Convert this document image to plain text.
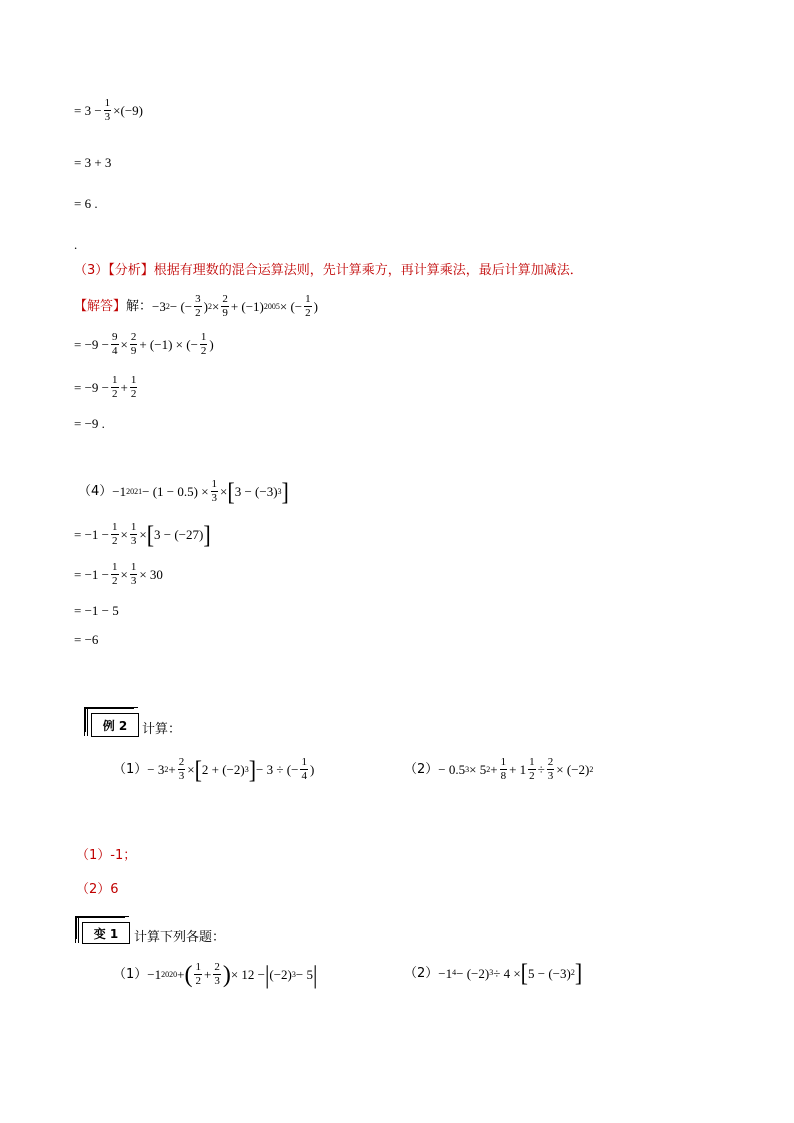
= $3 - \frac{1}{3} \times(-9)$
= 3 + 3
= 6 .
.
（3）【分析】 根据有理数的混合运算法则，先计算乘方，再计算乘法，最后计算加减法．
【解答】 解： −3 2 − (− $\frac{3}{2}$ ) $2 \times \frac{2}{9} + (-1) 2005$ × (− $\frac{1}{2}$ )
= $-9 - \frac{9}{4} \times \frac{2}{9} + (-1)$ × (− $\frac{1}{2}$ )
= $-9 - \frac{1}{2} + \frac{1}{2}$
= −9 .
（4） −1 $2021 - (1 - 0.5) \times \frac{1}{3}$ × [ 3 − (−3) 3 ]
= $-1 - \frac{1}{2} \times \frac{1}{3}$ × [ 3 − (−27) ]
= $-1 - \frac{1}{2} \times \frac{1}{3} \times 30$
= −1 − 5
= −6
例 2 计算：
（1） − 3 $2 + \frac{2}{3}$ × [ 2 + (−2) 3 ] − 3 ÷ (− $\frac{1}{4}$ )	（2） − 0.5 3 × 5 $2 + \frac{1}{8} + 1 \frac{1}{2} \div \frac{2}{3} \times (-2)$ 2
（1）-1；
（2）6
变 1 计算下列各题：
（1） −1 2020 + ( $\frac{1}{2} + \frac{2}{3}$ ) × 12 − | (−2) 3 − 5 |	（2） −1 4 − (−2) 3 ÷ 4 × [ 5 − (−3) 2 ]
